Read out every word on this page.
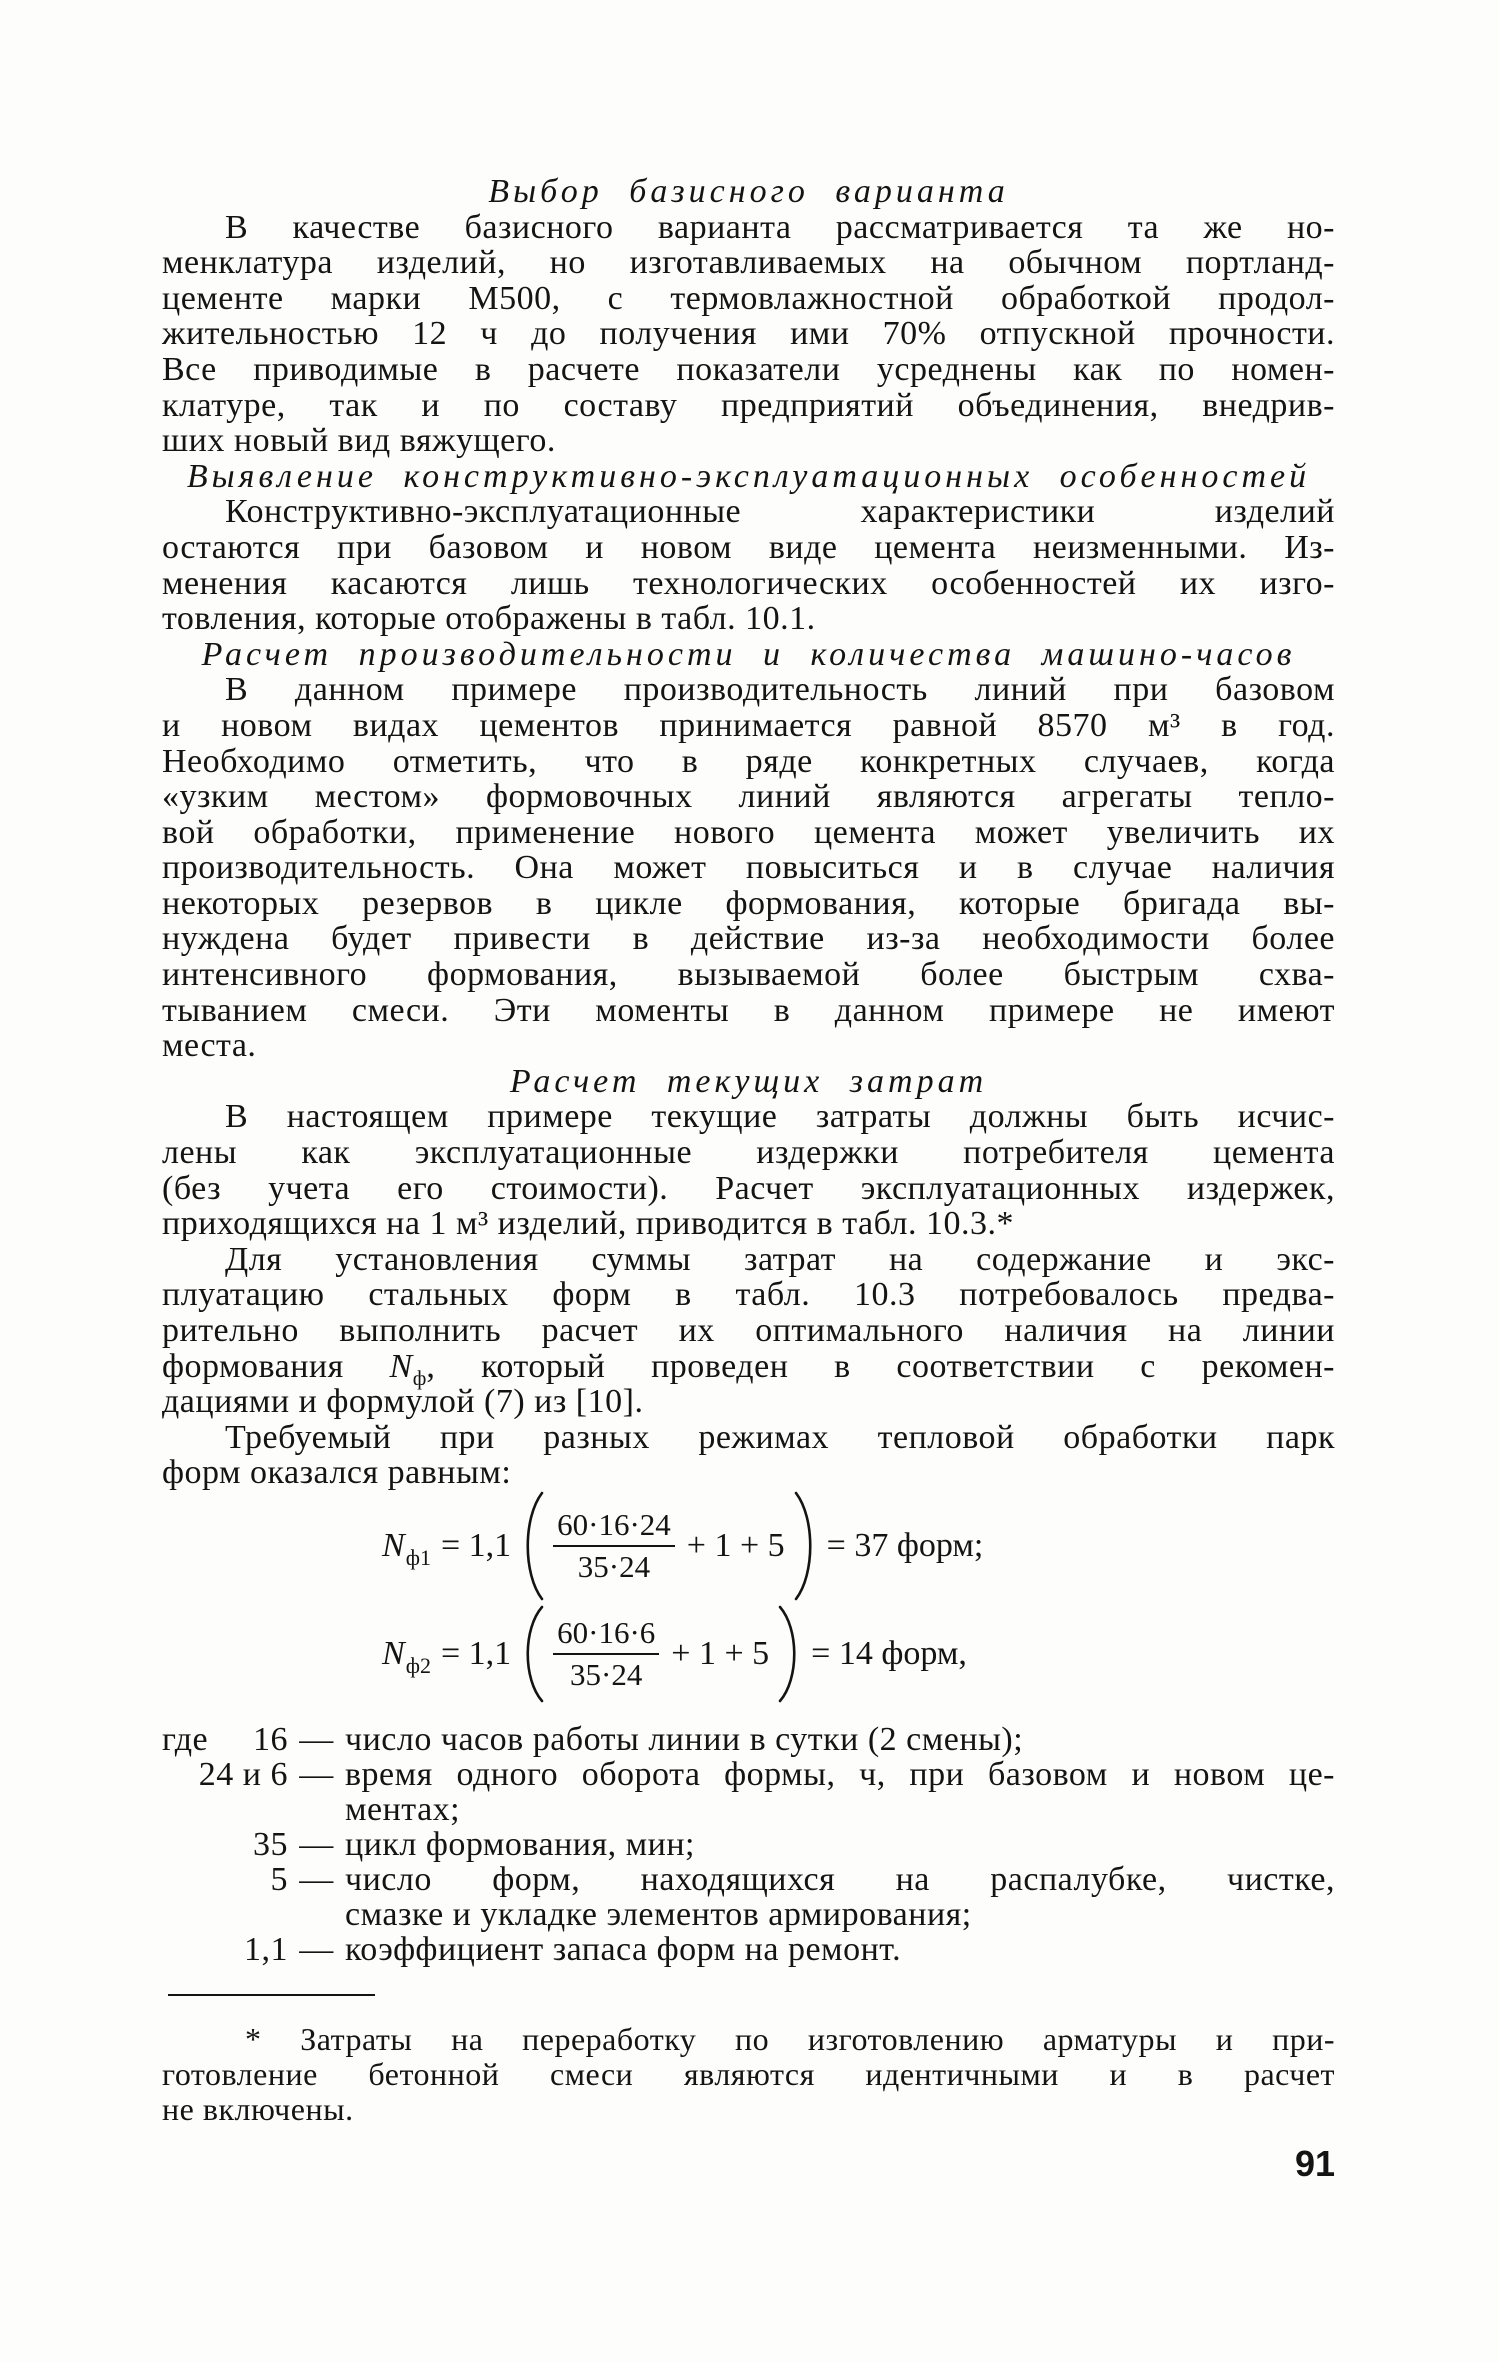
Выбор базисного варианта
В качестве базисного варианта рассматривается та же но-
менклатура изделий, но изготавливаемых на обычном портланд-
цементе марки М500, с термовлажностной обработкой продол-
жительностью 12 ч до получения ими 70% отпускной прочности.
Все приводимые в расчете показатели усреднены как по номен-
клатуре, так и по составу предприятий объединения, внедрив-
ших новый вид вяжущего.
Выявление конструктивно-эксплуатационных особенностей
Конструктивно-эксплуатационные характеристики изделий
остаются при базовом и новом виде цемента неизменными. Из-
менения касаются лишь технологических особенностей их изго-
товления, которые отображены в табл. 10.1.
Расчет производительности и количества машино-часов
В данном примере производительность линий при базовом
и новом видах цементов принимается равной 8570 м³ в год.
Необходимо отметить, что в ряде конкретных случаев, когда
«узким местом» формовочных линий являются агрегаты тепло-
вой обработки, применение нового цемента может увеличить их
производительность. Она может повыситься и в случае наличия
некоторых резервов в цикле формования, которые бригада вы-
нуждена будет привести в действие из-за необходимости более
интенсивного формования, вызываемой более быстрым схва-
тыванием смеси. Эти моменты в данном примере не имеют
места.
Расчет текущих затрат
В настоящем примере текущие затраты должны быть исчис-
лены как эксплуатационные издержки потребителя цемента
(без учета его стоимости). Расчет эксплуатационных издержек,
приходящихся на 1 м³ изделий, приводится в табл. 10.3.*
Для установления суммы затрат на содержание и экс-
плуатацию стальных форм в табл. 10.3 потребовалось предва-
рительно выполнить расчет их оптимального наличия на линии
формования $N_ф$, который проведен в соответствии с рекомен-
дациями и формулой (7) из [10].
Требуемый при разных режимах тепловой обработки парк
форм оказался равным:
N $ф1 = 1,1 \frac{60\cdot 16\cdot 24}{35\cdot 24} + 1 + 5 = 37$ форм;
N $ф2 = 1,1 \frac{60\cdot 16\cdot 6}{35\cdot 24} + 1 + 5 = 14$ форм,
где 16 — число часов работы линии в сутки (2 смены);
24 и 6 — время одного оборота формы, ч, при базовом и новом це-
ментах;
35 — цикл формования, мин;
5 — число форм, находящихся на распалубке, чистке,
смазке и укладке элементов армирования;
1,1 — коэффициент запаса форм на ремонт.
* Затраты на переработку по изготовлению арматуры и при-
готовление бетонной смеси являются идентичными и в расчет
не включены.
91
